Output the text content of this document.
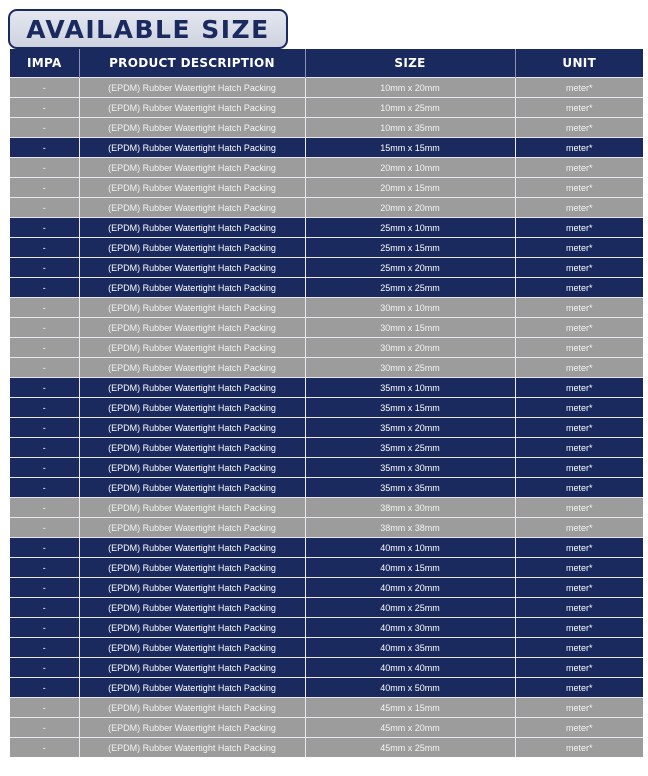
AVAILABLE SIZE
IMPA	PRODUCT DESCRIPTION	SIZE	UNIT
-	(EPDM) Rubber Watertight Hatch Packing	10mm x 20mm	meter*
-	(EPDM) Rubber Watertight Hatch Packing	10mm x 25mm	meter*
-	(EPDM) Rubber Watertight Hatch Packing	10mm x 35mm	meter*
-	(EPDM) Rubber Watertight Hatch Packing	15mm x 15mm	meter*
-	(EPDM) Rubber Watertight Hatch Packing	20mm x 10mm	meter*
-	(EPDM) Rubber Watertight Hatch Packing	20mm x 15mm	meter*
-	(EPDM) Rubber Watertight Hatch Packing	20mm x 20mm	meter*
-	(EPDM) Rubber Watertight Hatch Packing	25mm x 10mm	meter*
-	(EPDM) Rubber Watertight Hatch Packing	25mm x 15mm	meter*
-	(EPDM) Rubber Watertight Hatch Packing	25mm x 20mm	meter*
-	(EPDM) Rubber Watertight Hatch Packing	25mm x 25mm	meter*
-	(EPDM) Rubber Watertight Hatch Packing	30mm x 10mm	meter*
-	(EPDM) Rubber Watertight Hatch Packing	30mm x 15mm	meter*
-	(EPDM) Rubber Watertight Hatch Packing	30mm x 20mm	meter*
-	(EPDM) Rubber Watertight Hatch Packing	30mm x 25mm	meter*
-	(EPDM) Rubber Watertight Hatch Packing	35mm x 10mm	meter*
-	(EPDM) Rubber Watertight Hatch Packing	35mm x 15mm	meter*
-	(EPDM) Rubber Watertight Hatch Packing	35mm x 20mm	meter*
-	(EPDM) Rubber Watertight Hatch Packing	35mm x 25mm	meter*
-	(EPDM) Rubber Watertight Hatch Packing	35mm x 30mm	meter*
-	(EPDM) Rubber Watertight Hatch Packing	35mm x 35mm	meter*
-	(EPDM) Rubber Watertight Hatch Packing	38mm x 30mm	meter*
-	(EPDM) Rubber Watertight Hatch Packing	38mm x 38mm	meter*
-	(EPDM) Rubber Watertight Hatch Packing	40mm x 10mm	meter*
-	(EPDM) Rubber Watertight Hatch Packing	40mm x 15mm	meter*
-	(EPDM) Rubber Watertight Hatch Packing	40mm x 20mm	meter*
-	(EPDM) Rubber Watertight Hatch Packing	40mm x 25mm	meter*
-	(EPDM) Rubber Watertight Hatch Packing	40mm x 30mm	meter*
-	(EPDM) Rubber Watertight Hatch Packing	40mm x 35mm	meter*
-	(EPDM) Rubber Watertight Hatch Packing	40mm x 40mm	meter*
-	(EPDM) Rubber Watertight Hatch Packing	40mm x 50mm	meter*
-	(EPDM) Rubber Watertight Hatch Packing	45mm x 15mm	meter*
-	(EPDM) Rubber Watertight Hatch Packing	45mm x 20mm	meter*
-	(EPDM) Rubber Watertight Hatch Packing	45mm x 25mm	meter*
